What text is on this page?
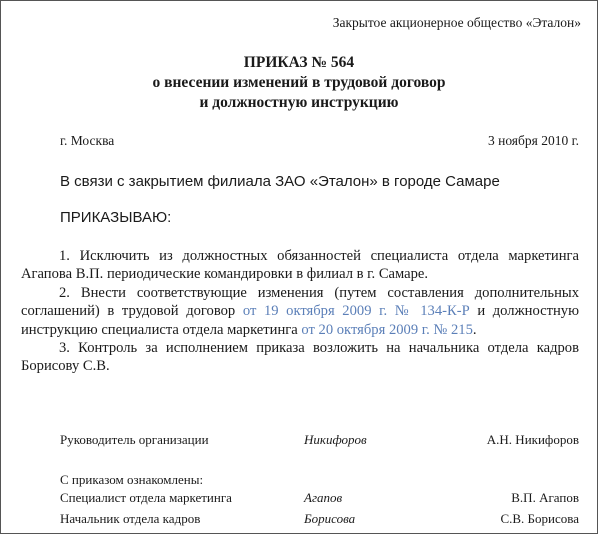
Закрытое акционерное общество «Эталон»
ПРИКАЗ № 564
о внесении изменений в трудовой договор
и должностную инструкцию
г. Москва	3 ноября 2010 г.
В связи с закрытием филиала ЗАО «Эталон» в городе Самаре
ПРИКАЗЫВАЮ:

1. Исключить из должностных обязанностей специалиста отдела маркетинга Агапова В.П. периодические командировки в филиал в г. Самаре.

2. Внести соответствующие изменения (путем составления дополнительных соглашений) в трудовой договор от 19 октября 2009 г. № 134-К-Р и должностную инструкцию специалиста отдела маркетинга от 20 октября 2009 г. № 215.

3. Контроль за исполнением приказа возложить на начальника отдела кадров Борисову С.В.

Руководитель организации	Никифоров	А.Н. Никифоров
С приказом ознакомлены:
Специалист отдела маркетинга	Агапов	В.П. Агапов
Начальник отдела кадров	Борисова	С.В. Борисова
